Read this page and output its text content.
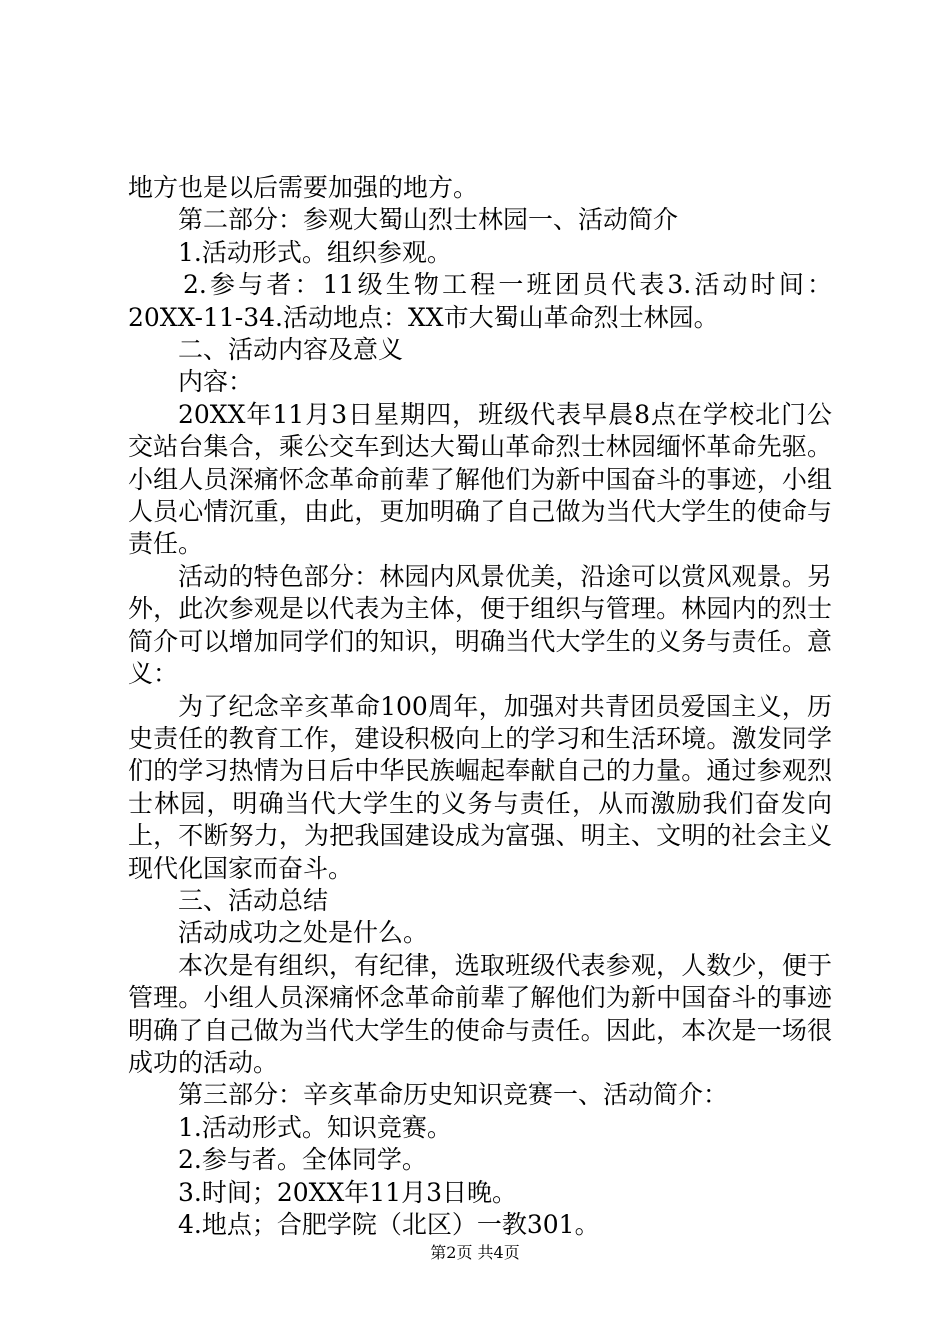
地方也是以后需要加强的地方。

第二部分：参观大蜀山烈士林园一、活动简介

1.活动形式。组织参观。

2.参与者：11级生物工程一班团员代表3.活动时间：20XX-11-34.活动地点：XX市大蜀山革命烈士林园。

二、活动内容及意义

内容：

20XX年11月3日星期四，班级代表早晨8点在学校北门公交站台集合，乘公交车到达大蜀山革命烈士林园缅怀革命先驱。小组人员深痛怀念革命前辈了解他们为新中国奋斗的事迹，小组人员心情沉重，由此，更加明确了自己做为当代大学生的使命与责任。

活动的特色部分：林园内风景优美，沿途可以赏风观景。另外，此次参观是以代表为主体，便于组织与管理。林园内的烈士简介可以增加同学们的知识，明确当代大学生的义务与责任。意义：

为了纪念辛亥革命100周年，加强对共青团员爱国主义，历史责任的教育工作，建设积极向上的学习和生活环境。激发同学们的学习热情为日后中华民族崛起奉献自己的力量。通过参观烈士林园，明确当代大学生的义务与责任，从而激励我们奋发向上，不断努力，为把我国建设成为富强、明主、文明的社会主义现代化国家而奋斗。

三、活动总结

活动成功之处是什么。

本次是有组织，有纪律，选取班级代表参观，人数少，便于管理。小组人员深痛怀念革命前辈了解他们为新中国奋斗的事迹明确了自己做为当代大学生的使命与责任。因此，本次是一场很成功的活动。

第三部分：辛亥革命历史知识竞赛一、活动简介：

1.活动形式。知识竞赛。

2.参与者。全体同学。

3.时间；20XX年11月3日晚。

4.地点；合肥学院（北区）一教301。

第2页 共4页
